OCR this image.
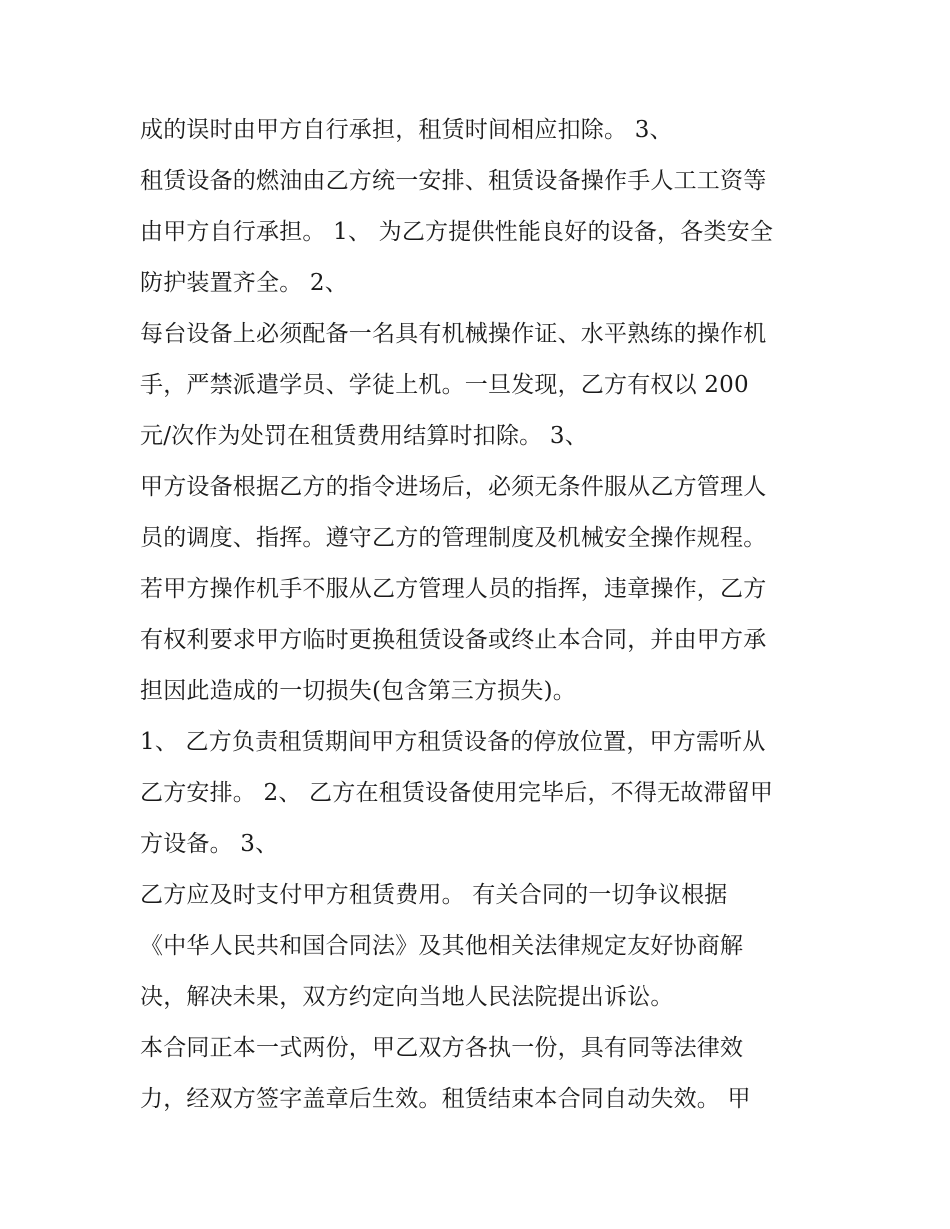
成的误时由甲方自行承担，租赁时间相应扣除。 3、
租赁设备的燃油由乙方统一安排、租赁设备操作手人工工资等
由甲方自行承担。 1、 为乙方提供性能良好的设备，各类安全
防护装置齐全。 2、
每台设备上必须配备一名具有机械操作证、水平熟练的操作机
手，严禁派遣学员、学徒上机。一旦发现，乙方有权以 200
元/次作为处罚在租赁费用结算时扣除。 3、
甲方设备根据乙方的指令进场后，必须无条件服从乙方管理人
员的调度、指挥。遵守乙方的管理制度及机械安全操作规程。
若甲方操作机手不服从乙方管理人员的指挥，违章操作，乙方
有权利要求甲方临时更换租赁设备或终止本合同，并由甲方承
担因此造成的一切损失(包含第三方损失)。
1、 乙方负责租赁期间甲方租赁设备的停放位置，甲方需听从
乙方安排。 2、 乙方在租赁设备使用完毕后，不得无故滞留甲
方设备。 3、
乙方应及时支付甲方租赁费用。 有关合同的一切争议根据
《中华人民共和国合同法》及其他相关法律规定友好协商解
决，解决未果，双方约定向当地人民法院提出诉讼。
本合同正本一式两份，甲乙双方各执一份，具有同等法律效
力，经双方签字盖章后生效。租赁结束本合同自动失效。 甲
